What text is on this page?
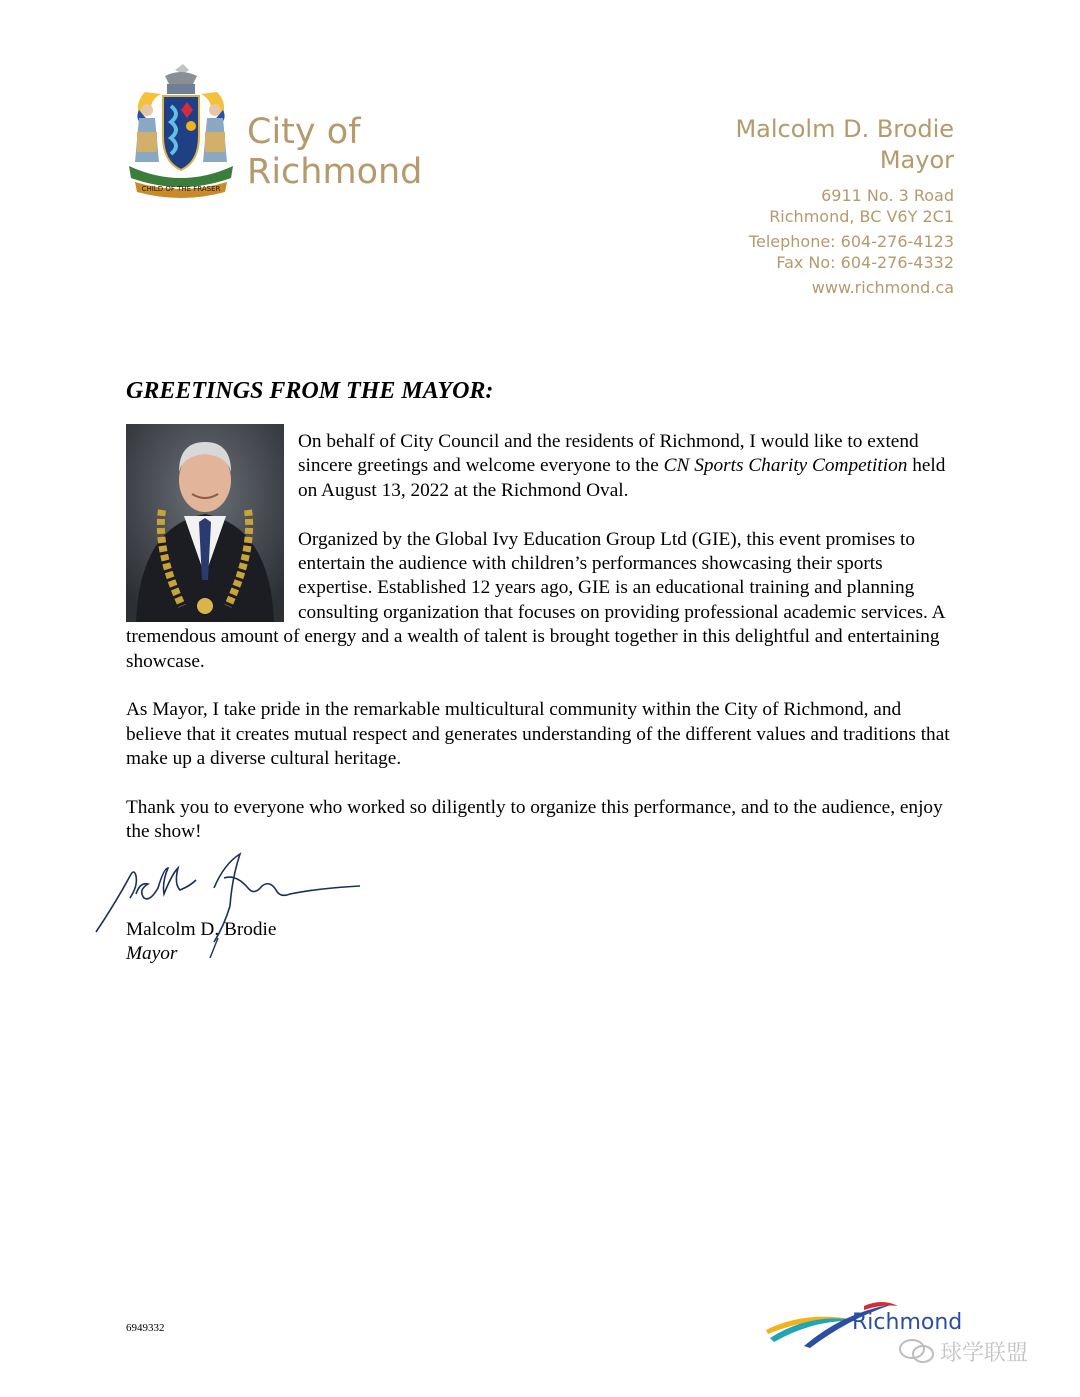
CHILD OF THE FRASER
City of
Richmond
Malcolm D. Brodie
Mayor
6911 No. 3 Road
Richmond, BC V6Y 2C1
Telephone: 604-276-4123
Fax No: 604-276-4332
www.richmond.ca
GREETINGS FROM THE MAYOR:

On behalf of City Council and the residents of Richmond, I would like to extend sincere greetings and welcome everyone to the CN Sports Charity Competition held on August 13, 2022 at the Richmond Oval.

Organized by the Global Ivy Education Group Ltd (GIE), this event promises to entertain the audience with children’s performances showcasing their sports expertise. Established 12 years ago, GIE is an educational training and planning consulting organization that focuses on providing professional academic services. A tremendous amount of energy and a wealth of talent is brought together in this delightful and entertaining showcase.

As Mayor, I take pride in the remarkable multicultural community within the City of Richmond, and believe that it creates mutual respect and generates understanding of the different values and traditions that make up a diverse cultural heritage.

Thank you to everyone who worked so diligently to organize this performance, and to the audience, enjoy the show!

Malcolm D. Brodie
Mayor
6949332	Richmond
球学联盟
